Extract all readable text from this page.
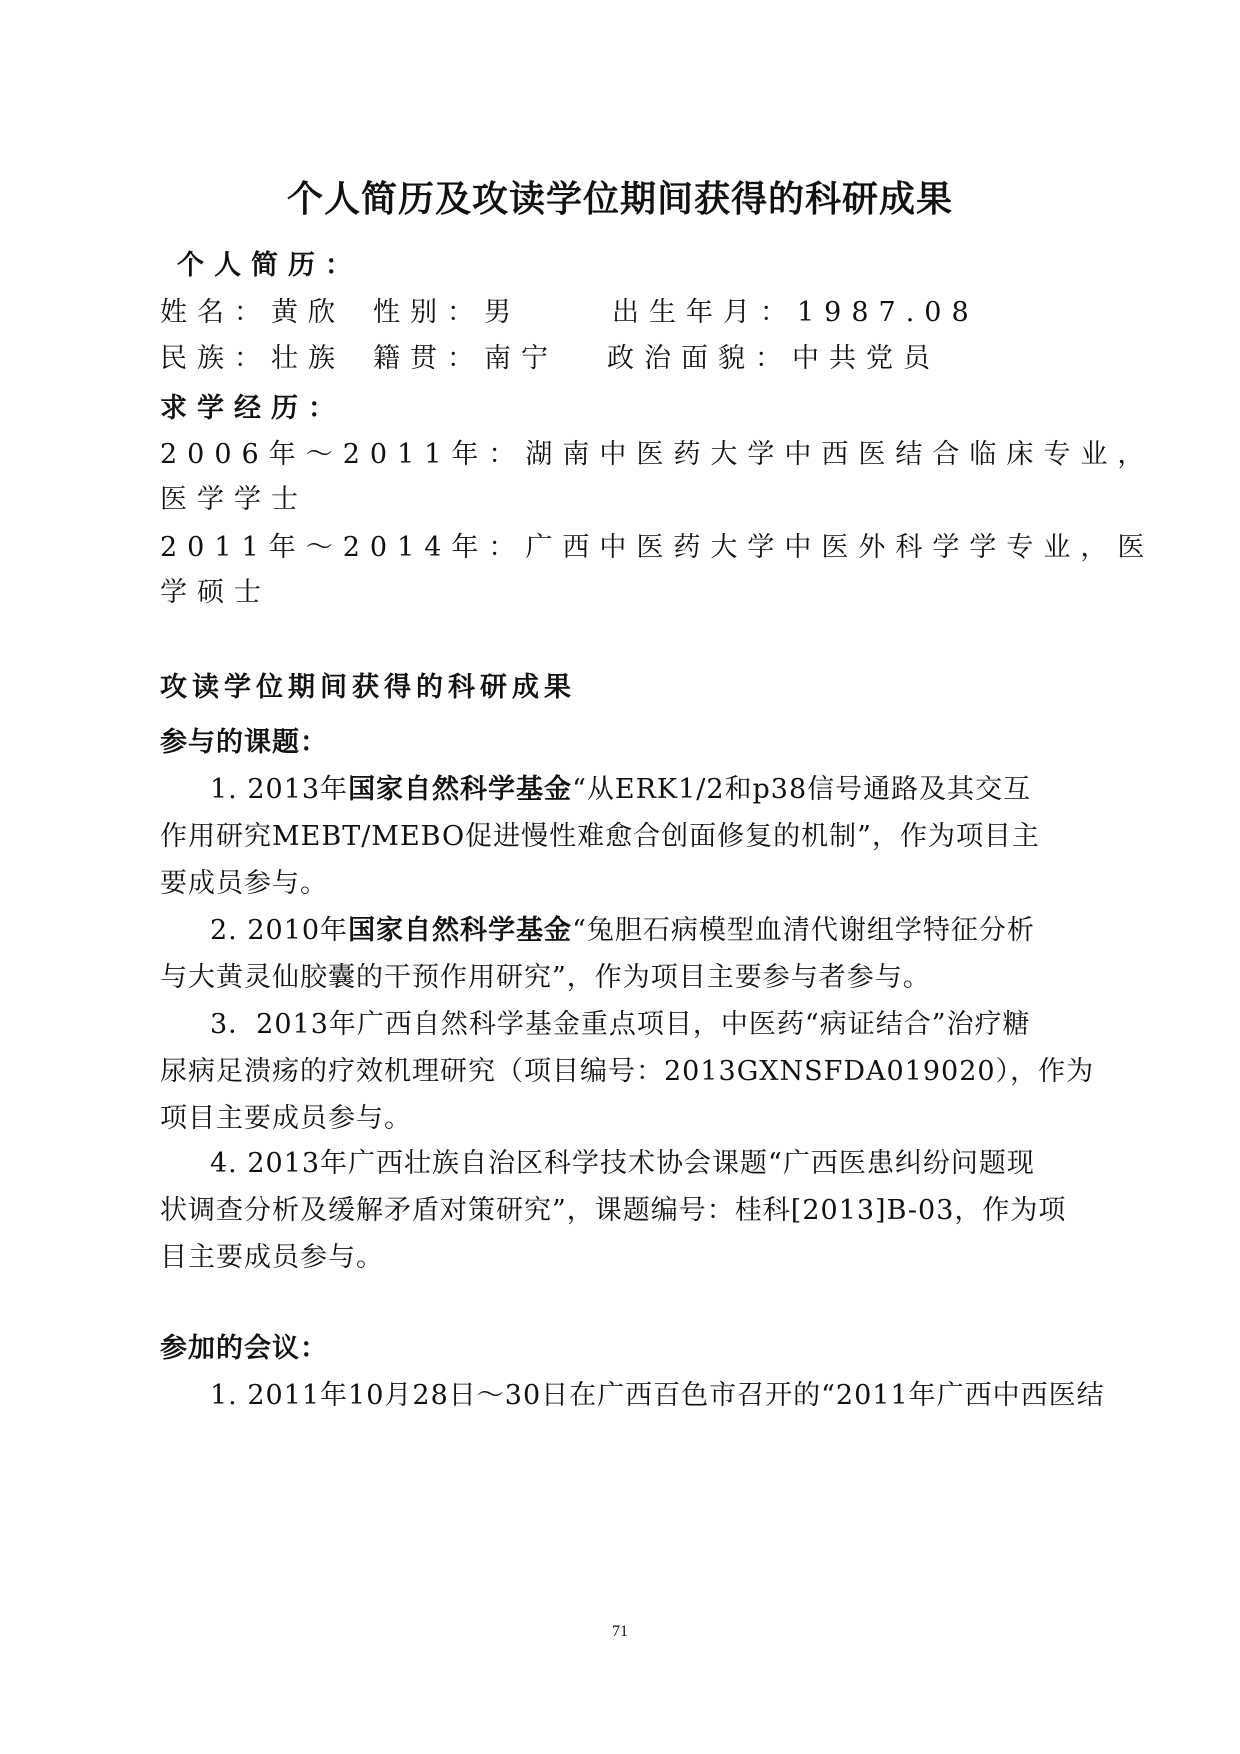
个人简历及攻读学位期间获得的科研成果
个人简历：
姓名：黄欣 性别：男	出生年月：1987.08
民族：壮族 籍贯：南宁 政治面貌：中共党员
求学经历：
2006年～2011年：湖南中医药大学中西医结合临床专业，
医学学士
2011年～2014年：广西中医药大学中医外科学学专业，医
学硕士
攻读学位期间获得的科研成果
参与的课题：
1. 2013年国家自然科学基金“从ERK1/2和p38信号通路及其交互
作用研究MEBT/MEBO促进慢性难愈合创面修复的机制”，作为项目主
要成员参与。
2. 2010年国家自然科学基金“兔胆石病模型血清代谢组学特征分析
与大黄灵仙胶囊的干预作用研究”，作为项目主要参与者参与。
3．2013年广西自然科学基金重点项目，中医药“病证结合”治疗糖
尿病足溃疡的疗效机理研究（项目编号：2013GXNSFDA019020），作为
项目主要成员参与。
4. 2013年广西壮族自治区科学技术协会课题“广西医患纠纷问题现
状调查分析及缓解矛盾对策研究”，课题编号：桂科[2013]B-03，作为项
目主要成员参与。
参加的会议：
1. 2011年10月28日～30日在广西百色市召开的“2011年广西中西医结
71
